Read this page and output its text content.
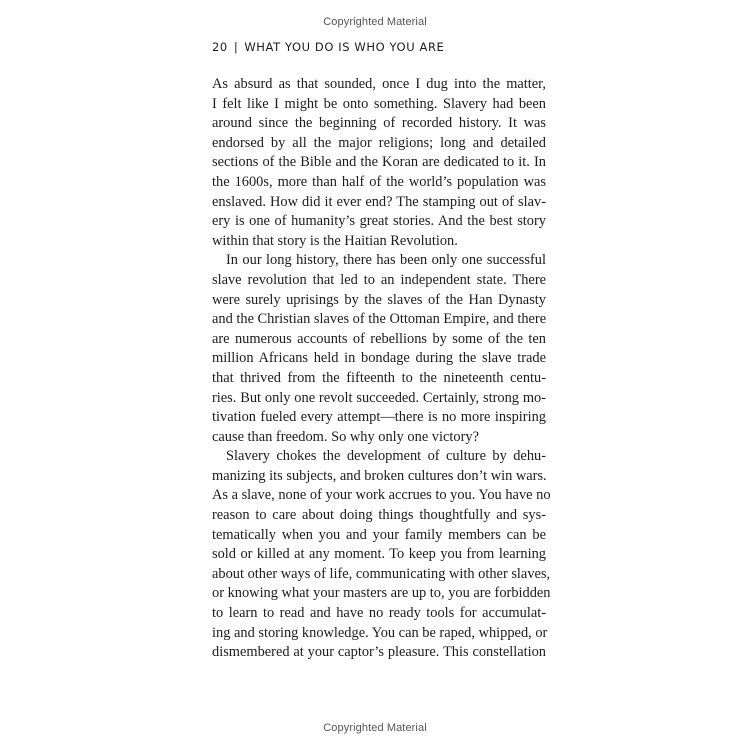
Copyrighted Material
20 | WHAT YOU DO IS WHO YOU ARE
As absurd as that sounded, once I dug into the matter,
I felt like I might be onto something. Slavery had been
around since the beginning of recorded history. It was
endorsed by all the major religions; long and detailed
sections of the Bible and the Koran are dedicated to it. In
the 1600s, more than half of the world’s population was
enslaved. How did it ever end? The stamping out of slav-
ery is one of humanity’s great stories. And the best story
within that story is the Haitian Revolution.
In our long history, there has been only one successful
slave revolution that led to an independent state. There
were surely uprisings by the slaves of the Han Dynasty
and the Christian slaves of the Ottoman Empire, and there
are numerous accounts of rebellions by some of the ten
million Africans held in bondage during the slave trade
that thrived from the fifteenth to the nineteenth centu-
ries. But only one revolt succeeded. Certainly, strong mo-
tivation fueled every attempt—there is no more inspiring
cause than freedom. So why only one victory?
Slavery chokes the development of culture by dehu-
manizing its subjects, and broken cultures don’t win wars.
As a slave, none of your work accrues to you. You have no
reason to care about doing things thoughtfully and sys-
tematically when you and your family members can be
sold or killed at any moment. To keep you from learning
about other ways of life, communicating with other slaves,
or knowing what your masters are up to, you are forbidden
to learn to read and have no ready tools for accumulat-
ing and storing knowledge. You can be raped, whipped, or
dismembered at your captor’s pleasure. This constellation
Copyrighted Material
